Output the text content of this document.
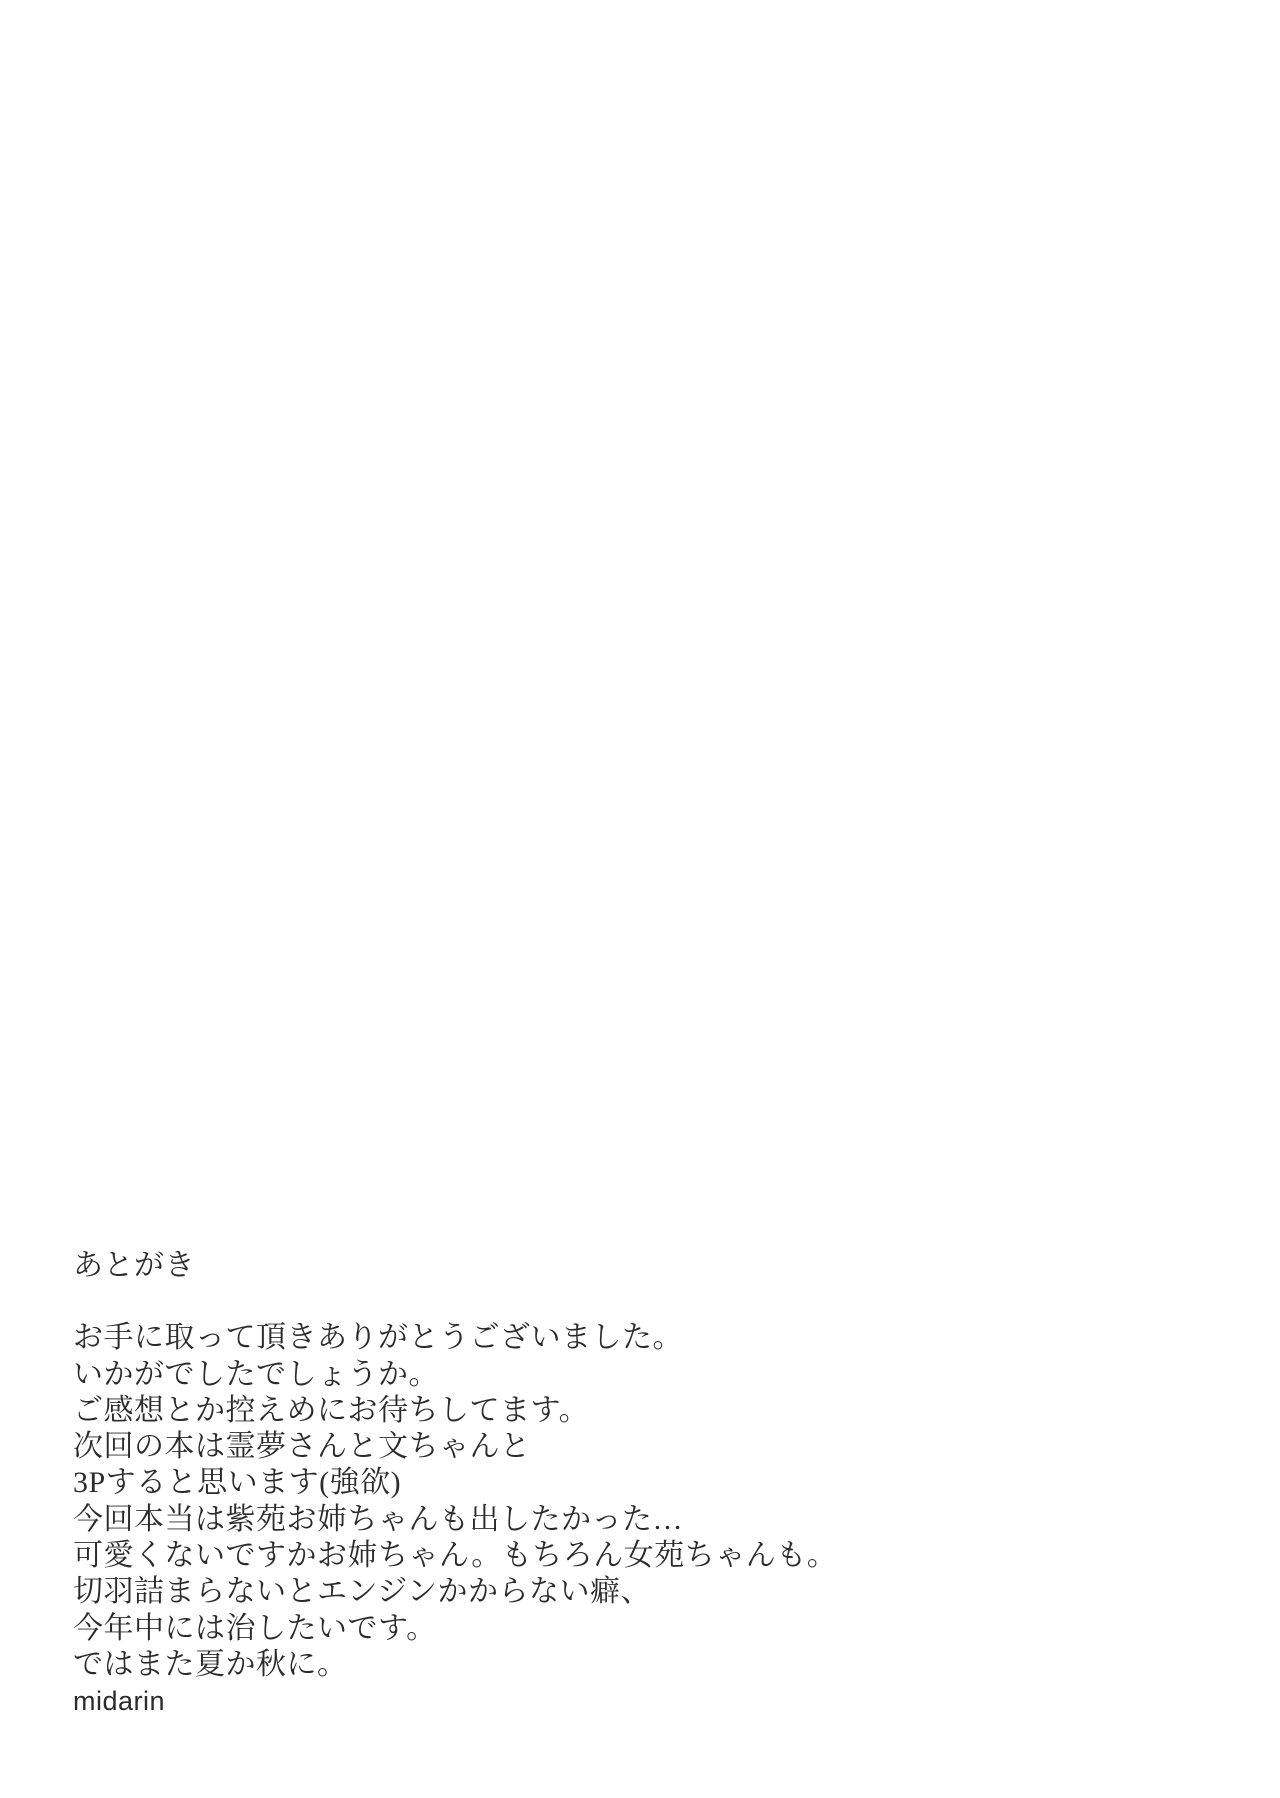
あとがき
お手に取って頂きありがとうございました。
いかがでしたでしょうか。
ご感想とか控えめにお待ちしてます。
次回の本は霊夢さんと文ちゃんと
3Pすると思います(強欲)
今回本当は紫苑お姉ちゃんも出したかった…
可愛くないですかお姉ちゃん。もちろん女苑ちゃんも。
切羽詰まらないとエンジンかからない癖、
今年中には治したいです。
ではまた夏か秋に。
midarin
